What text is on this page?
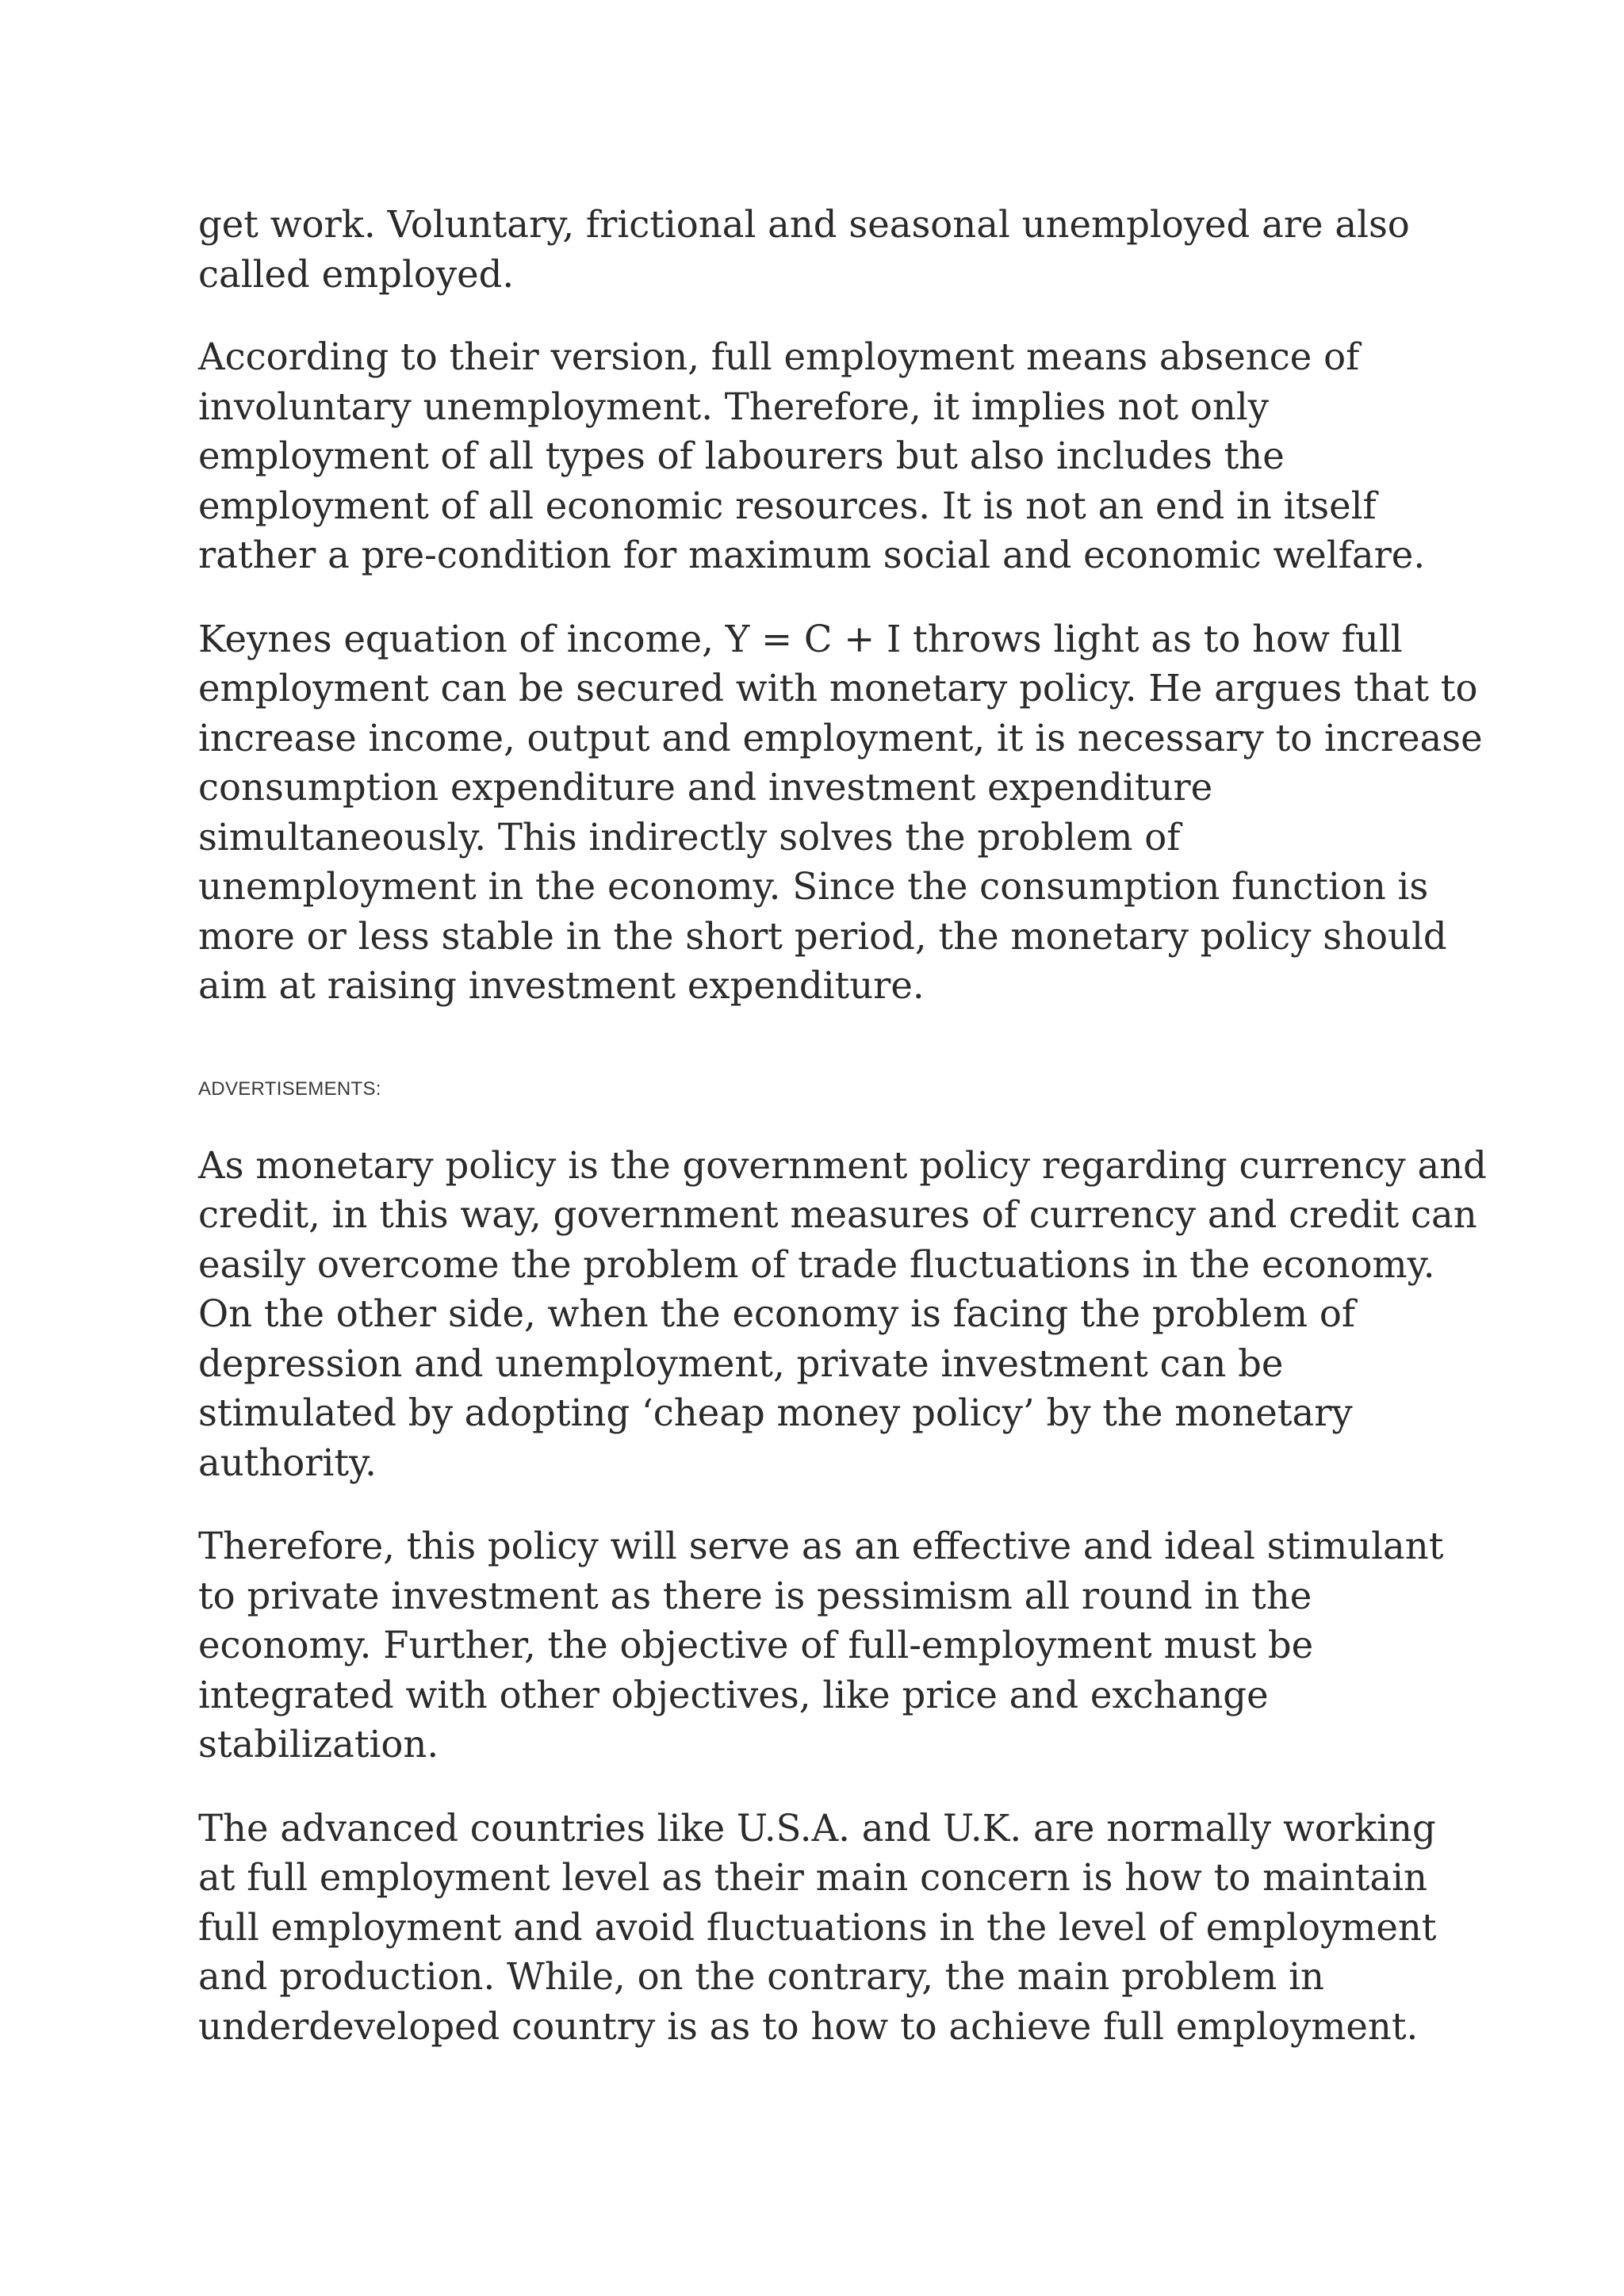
get work. Voluntary, frictional and seasonal unemployed are also
called employed.

According to their version, full employment means absence of
involuntary unemployment. Therefore, it implies not only
employment of all types of labourers but also includes the
employment of all economic resources. It is not an end in itself
rather a pre-condition for maximum social and economic welfare.

Keynes equation of income, Y = C + I throws light as to how full
employment can be secured with monetary policy. He argues that to
increase income, output and employment, it is necessary to increase
consumption expenditure and investment expenditure
simultaneously. This indirectly solves the problem of
unemployment in the economy. Since the consumption function is
more or less stable in the short period, the monetary policy should
aim at raising investment expenditure.

ADVERTISEMENTS:

As monetary policy is the government policy regarding currency and
credit, in this way, government measures of currency and credit can
easily overcome the problem of trade fluctuations in the economy.
On the other side, when the economy is facing the problem of
depression and unemployment, private investment can be
stimulated by adopting ‘cheap money policy’ by the monetary
authority.

Therefore, this policy will serve as an effective and ideal stimulant
to private investment as there is pessimism all round in the
economy. Further, the objective of full-employment must be
integrated with other objectives, like price and exchange
stabilization.

The advanced countries like U.S.A. and U.K. are normally working
at full employment level as their main concern is how to maintain
full employment and avoid fluctuations in the level of employment
and production. While, on the contrary, the main problem in
underdeveloped country is as to how to achieve full employment.
